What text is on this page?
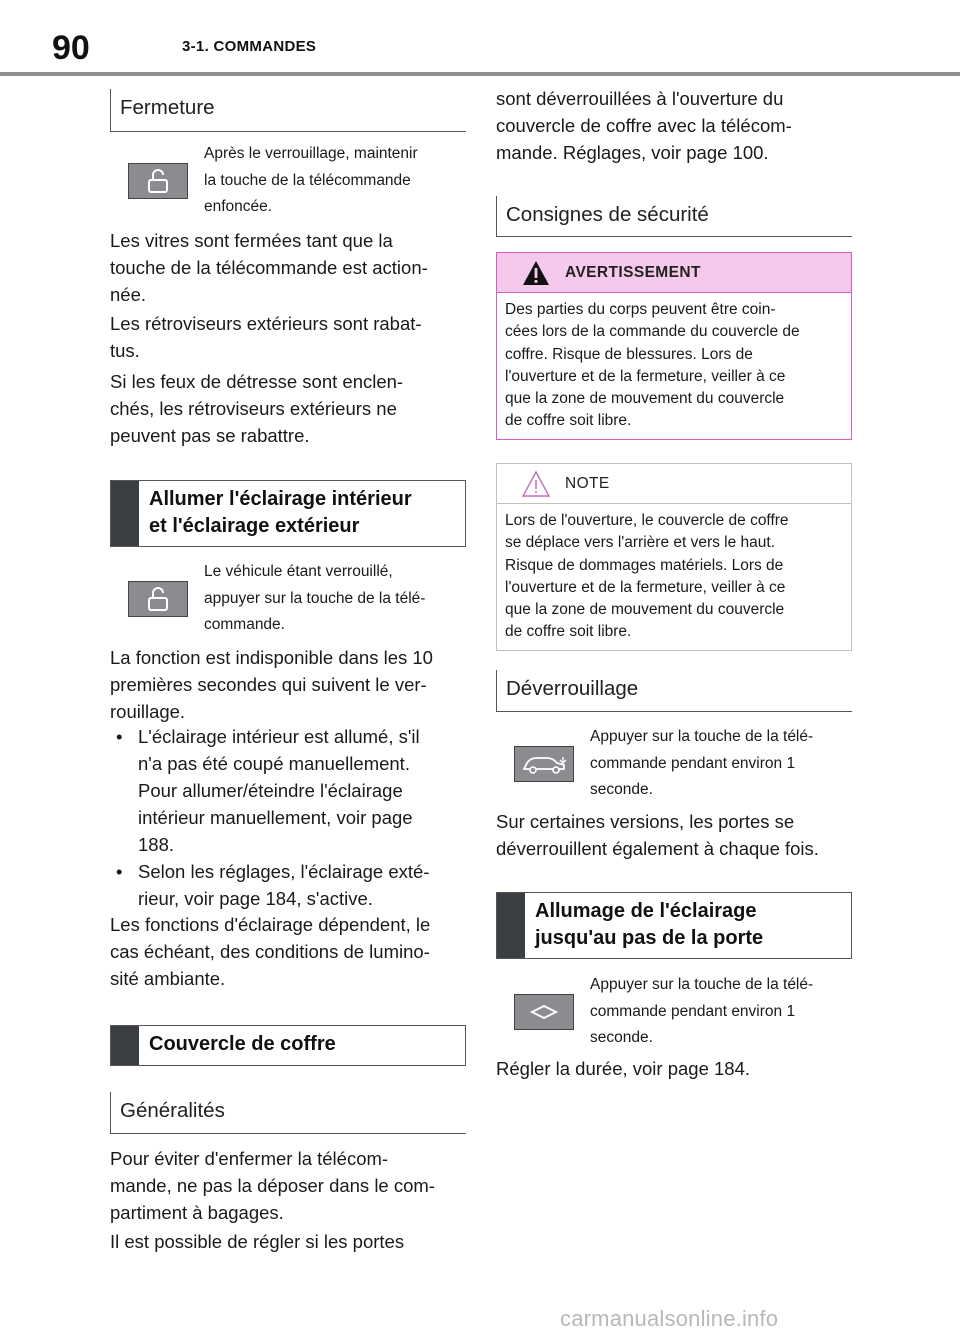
90	3-1. COMMANDES
Fermeture
Après le verrouillage, maintenir
la touche de la télécommande
enfoncée.
Les vitres sont fermées tant que la
touche de la télécommande est action-
née.
Les rétroviseurs extérieurs sont rabat-
tus.
Si les feux de détresse sont enclen-
chés, les rétroviseurs extérieurs ne
peuvent pas se rabattre.
Allumer l'éclairage intérieur
et l'éclairage extérieur
Le véhicule étant verrouillé,
appuyer sur la touche de la télé-
commande.
La fonction est indisponible dans les 10
premières secondes qui suivent le ver-
rouillage.
• L'éclairage intérieur est allumé, s'il
n'a pas été coupé manuellement.
Pour allumer/éteindre l'éclairage
intérieur manuellement, voir page
188.
• Selon les réglages, l'éclairage exté-
rieur, voir page 184, s'active.
Les fonctions d'éclairage dépendent, le
cas échéant, des conditions de lumino-
sité ambiante.
Couvercle de coffre
Généralités
Pour éviter d'enfermer la télécom-
mande, ne pas la déposer dans le com-
partiment à bagages.
Il est possible de régler si les portes
sont déverrouillées à l'ouverture du
couvercle de coffre avec la télécom-
mande. Réglages, voir page 100.
Consignes de sécurité
AVERTISSEMENT
Des parties du corps peuvent être coin-
cées lors de la commande du couvercle de
coffre. Risque de blessures. Lors de
l'ouverture et de la fermeture, veiller à ce
que la zone de mouvement du couvercle
de coffre soit libre.
NOTE
Lors de l'ouverture, le couvercle de coffre
se déplace vers l'arrière et vers le haut.
Risque de dommages matériels. Lors de
l'ouverture et de la fermeture, veiller à ce
que la zone de mouvement du couvercle
de coffre soit libre.
Déverrouillage
Appuyer sur la touche de la télé-
commande pendant environ 1
seconde.
Sur certaines versions, les portes se
déverrouillent également à chaque fois.
Allumage de l'éclairage
jusqu'au pas de la porte
Appuyer sur la touche de la télé-
commande pendant environ 1
seconde.
Régler la durée, voir page 184.
carmanualsonline.info
